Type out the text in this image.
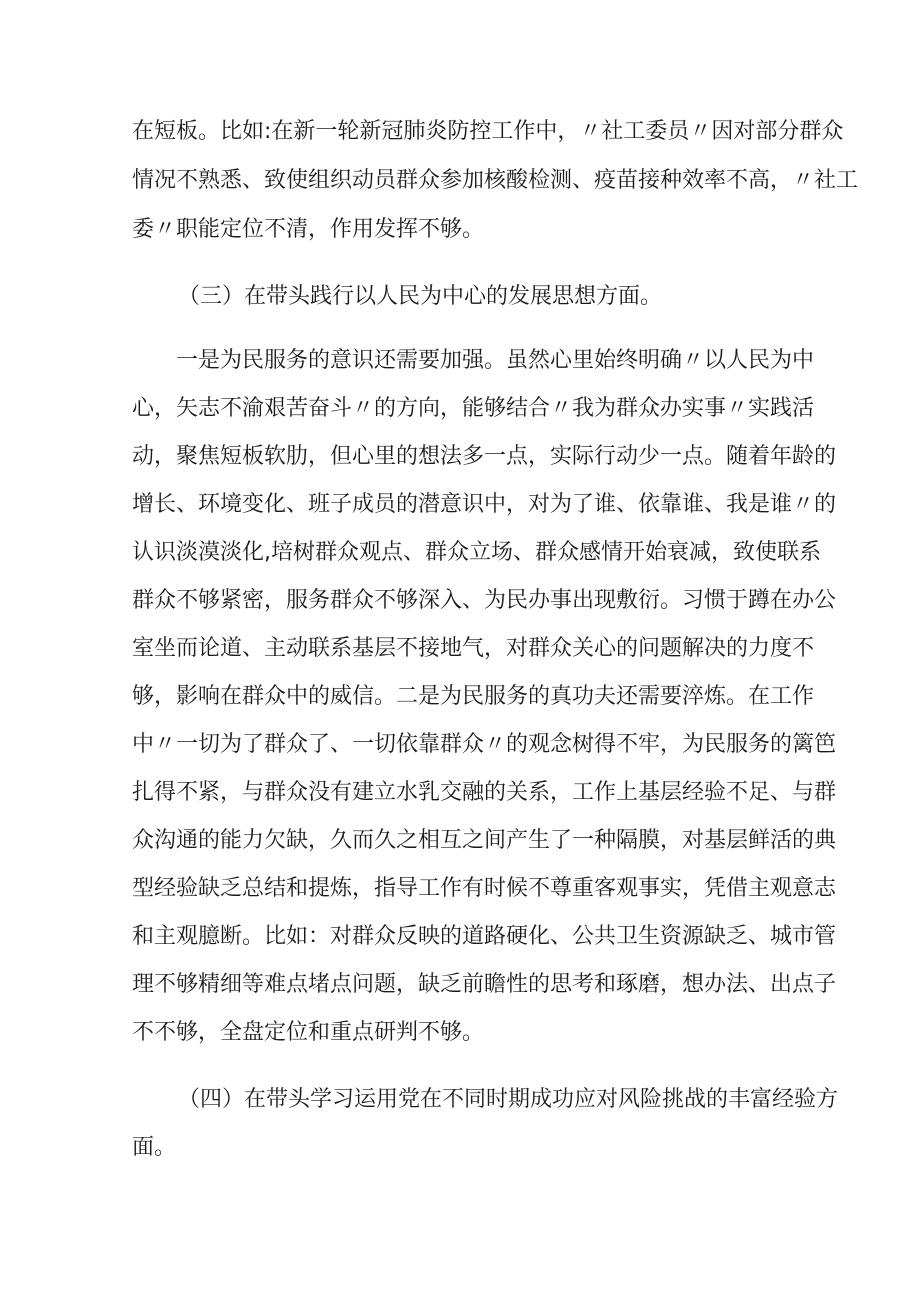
在短板。比如:在新一轮新冠肺炎防控工作中，〃社工委员〃因对部分群众
情况不熟悉、致使组织动员群众参加核酸检测、疫苗接种效率不高，〃社工
委〃职能定位不清，作用发挥不够。
（三）在带头践行以人民为中心的发展思想方面。
一是为民服务的意识还需要加强。虽然心里始终明确〃以人民为中
心，矢志不渝艰苦奋斗〃的方向，能够结合〃我为群众办实事〃实践活
动，聚焦短板软肋，但心里的想法多一点，实际行动少一点。随着年龄的
增长、环境变化、班子成员的潜意识中，对为了谁、依靠谁、我是谁〃的
认识淡漠淡化,培树群众观点、群众立场、群众感情开始衰减，致使联系
群众不够紧密，服务群众不够深入、为民办事出现敷衍。习惯于蹲在办公
室坐而论道、主动联系基层不接地气，对群众关心的问题解决的力度不
够，影响在群众中的威信。二是为民服务的真功夫还需要淬炼。在工作
中〃一切为了群众了、一切依靠群众〃的观念树得不牢，为民服务的篱笆
扎得不紧，与群众没有建立水乳交融的关系，工作上基层经验不足、与群
众沟通的能力欠缺，久而久之相互之间产生了一种隔膜，对基层鲜活的典
型经验缺乏总结和提炼，指导工作有时候不尊重客观事实，凭借主观意志
和主观臆断。比如：对群众反映的道路硬化、公共卫生资源缺乏、城市管
理不够精细等难点堵点问题，缺乏前瞻性的思考和琢磨，想办法、出点子
不不够，全盘定位和重点研判不够。
（四）在带头学习运用党在不同时期成功应对风险挑战的丰富经验方
面。
